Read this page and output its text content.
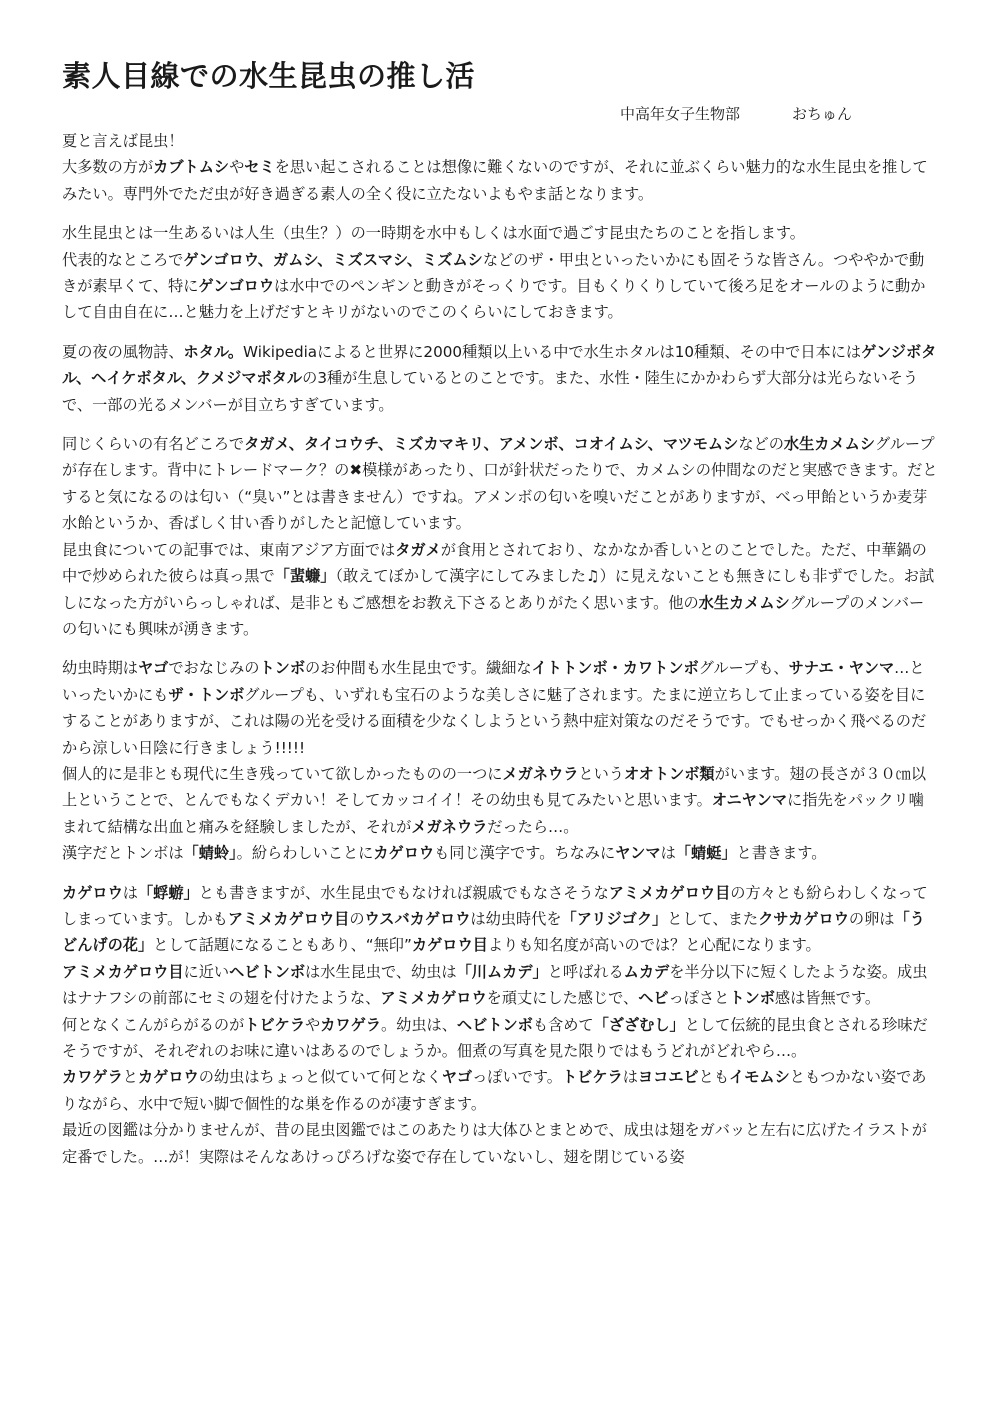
素人目線での水生昆虫の推し活
中高年女子生物部	おちゅん

夏と言えば昆虫！

大多数の方がカブトムシやセミを思い起こされることは想像に難くないのですが、それに並ぶくらい魅力的な水生昆虫を推してみたい。専門外でただ虫が好き過ぎる素人の全く役に立たないよもやま話となります。

水生昆虫とは一生あるいは人生（虫生？）の一時期を水中もしくは水面で過ごす昆虫たちのことを指します。

代表的なところでゲンゴロウ、ガムシ、ミズスマシ、ミズムシなどのザ・甲虫といったいかにも固そうな皆さん。つややかで動きが素早くて、特にゲンゴロウは水中でのペンギンと動きがそっくりです。目もくりくりしていて後ろ足をオールのように動かして自由自在に…と魅力を上げだすとキリがないのでこのくらいにしておきます。

夏の夜の風物詩、ホタル。Wikipediaによると世界に2000種類以上いる中で水生ホタルは10種類、その中で日本にはゲンジボタル、ヘイケボタル、クメジマボタルの3種が生息しているとのことです。また、水性・陸生にかかわらず大部分は光らないそうで、一部の光るメンバーが目立ちすぎています。

同じくらいの有名どころでタガメ、タイコウチ、ミズカマキリ、アメンボ、コオイムシ、マツモムシなどの水生カメムシグループが存在します。背中にトレードマーク？の✖模様があったり、口が針状だったりで、カメムシの仲間なのだと実感できます。だとすると気になるのは匂い（“臭い”とは書きません）ですね。アメンボの匂いを嗅いだことがありますが、べっ甲飴というか麦芽水飴というか、香ばしく甘い香りがしたと記憶しています。

昆虫食についての記事では、東南アジア方面ではタガメが食用とされており、なかなか香しいとのことでした。ただ、中華鍋の中で炒められた彼らは真っ黒で「蜚蠊」（敢えてぼかして漢字にしてみました♫）に見えないことも無きにしも非ずでした。お試しになった方がいらっしゃれば、是非ともご感想をお教え下さるとありがたく思います。他の水生カメムシグループのメンバーの匂いにも興味が湧きます。

幼虫時期はヤゴでおなじみのトンボのお仲間も水生昆虫です。繊細なイトトンボ・カワトンボグループも、サナエ・ヤンマ…といったいかにもザ・トンボグループも、いずれも宝石のような美しさに魅了されます。たまに逆立ちして止まっている姿を目にすることがありますが、これは陽の光を受ける面積を少なくしようという熱中症対策なのだそうです。でもせっかく飛べるのだから涼しい日陰に行きましょう!!!!!

個人的に是非とも現代に生き残っていて欲しかったものの一つにメガネウラというオオトンボ類がいます。翅の長さが３０㎝以上ということで、とんでもなくデカい！そしてカッコイイ！その幼虫も見てみたいと思います。オニヤンマに指先をパックリ噛まれて結構な出血と痛みを経験しましたが、それがメガネウラだったら…。

漢字だとトンボは「蜻蛉」。紛らわしいことにカゲロウも同じ漢字です。ちなみにヤンマは「蜻蜓」と書きます。

カゲロウは「蜉蝣」とも書きますが、水生昆虫でもなければ親戚でもなさそうなアミメカゲロウ目の方々とも紛らわしくなってしまっています。しかもアミメカゲロウ目のウスバカゲロウは幼虫時代を「アリジゴク」として、またクサカゲロウの卵は「うどんげの花」として話題になることもあり、“無印”カゲロウ目よりも知名度が高いのでは？と心配になります。

アミメカゲロウ目に近いヘビトンボは水生昆虫で、幼虫は「川ムカデ」と呼ばれるムカデを半分以下に短くしたような姿。成虫はナナフシの前部にセミの翅を付けたような、アミメカゲロウを頑丈にした感じで、ヘビっぽさとトンボ感は皆無です。

何となくこんがらがるのがトビケラやカワゲラ。幼虫は、ヘビトンボも含めて「ざざむし」として伝統的昆虫食とされる珍味だそうですが、それぞれのお味に違いはあるのでしょうか。佃煮の写真を見た限りではもうどれがどれやら…。

カワゲラとカゲロウの幼虫はちょっと似ていて何となくヤゴっぽいです。トビケラはヨコエビともイモムシともつかない姿でありながら、水中で短い脚で個性的な巣を作るのが凄すぎます。

最近の図鑑は分かりませんが、昔の昆虫図鑑ではこのあたりは大体ひとまとめで、成虫は翅をガバッと左右に広げたイラストが定番でした。…が！実際はそんなあけっぴろげな姿で存在していないし、翅を閉じている姿
